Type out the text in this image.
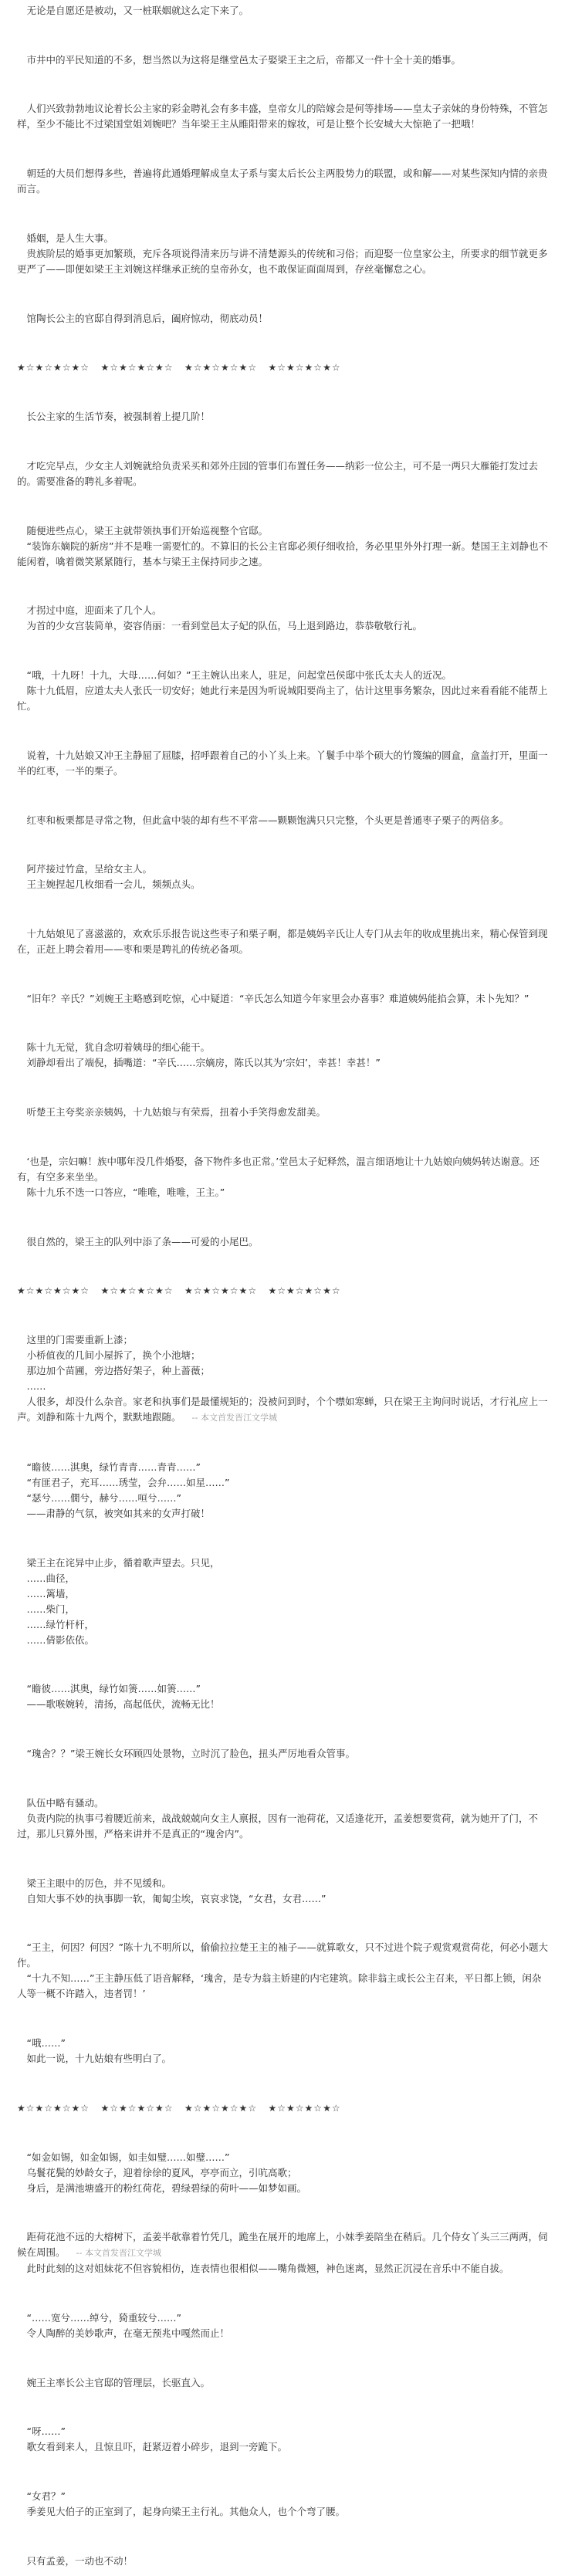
无论是自愿还是被动，又一桩联姻就这么定下来了。

市井中的平民知道的不多，想当然以为这将是继堂邑太子娶梁王主之后，帝都又一件十全十美的婚事。

人们兴致勃勃地议论着长公主家的彩金聘礼会有多丰盛，皇帝女儿的陪嫁会是何等排场——皇太子亲妹的身份特殊，不管怎样，至少不能比不过梁国堂姐刘婉吧？当年梁王主从睢阳带来的嫁妆，可是让整个长安城大大惊艳了一把哦！

朝廷的大员们想得多些，普遍将此通婚理解成皇太子系与窦太后长公主两股势力的联盟，或和解——对某些深知内情的亲贵而言。

婚姻，是人生大事。
贵族阶层的婚事更加繁琐，充斥各项说得清来历与讲不清楚源头的传统和习俗；而迎娶一位皇家公主，所要求的细节就更多更严了——即便如梁王主刘婉这样继承正统的皇帝孙女，也不敢保证面面周到，存丝毫懈怠之心。

馆陶长公主的官邸自得到消息后，阖府惊动，彻底动员！

★☆★☆★☆★☆   ★☆★☆★☆★☆   ★☆★☆★☆★☆   ★☆★☆★☆★☆

长公主家的生活节奏，被强制着上提几阶！

才吃完早点，少女主人刘婉就给负责采买和郊外庄园的管事们布置任务——纳彩一位公主，可不是一两只大雁能打发过去的。需要准备的聘礼多着呢。

随便进些点心，梁王主就带领执事们开始巡视整个官邸。
“装饰东嫡院的新房”并不是唯一需要忙的。不算旧的长公主官邸必须仔细收拾，务必里里外外打理一新。楚国王主刘静也不能闲着，噙着微笑紧紧随行，基本与梁王主保持同步之速。

才拐过中庭，迎面来了几个人。
为首的少女宫装简单，姿容俏丽：一看到堂邑太子妃的队伍，马上退到路边，恭恭敬敬行礼。

“哦，十九呀！十九，大母……何如？”王主婉认出来人，驻足，问起堂邑侯邸中张氏太夫人的近况。
陈十九低眉，应道太夫人张氏一切安好；她此行来是因为听说城阳要尚主了，估计这里事务繁杂，因此过来看看能不能帮上忙。

说着，十九姑娘又冲王主静屈了屈膝，招呼跟着自己的小丫头上来。丫鬟手中举个硕大的竹篾编的圆盒，盒盖打开，里面一半的红枣，一半的栗子。

红枣和板栗都是寻常之物，但此盒中装的却有些不平常——颗颗饱满只只完整，个头更是普通枣子栗子的两倍多。

阿芹接过竹盒，呈给女主人。
王主婉捏起几枚细看一会儿，频频点头。

十九姑娘见了喜滋滋的，欢欢乐乐报告说这些枣子和栗子啊，都是姨妈辛氏让人专门从去年的收成里挑出来，精心保管到现在，正赶上聘会着用——枣和栗是聘礼的传统必备项。

“旧年？辛氏？”刘婉王主略感到吃惊，心中疑道：“辛氏怎么知道今年家里会办喜事？难道姨妈能掐会算，未卜先知？”

陈十九无觉，犹自念叨着姨母的细心能干。
刘静却看出了端倪，插嘴道：“辛氏……宗嫡房，陈氏以其为‘宗妇’，幸甚！幸甚！”

听楚王主夸奖亲亲姨妈，十九姑娘与有荣焉，扭着小手笑得愈发甜美。

‘也是，宗妇嘛！族中哪年没几件婚娶，备下物件多也正常。’堂邑太子妃释然，温言细语地让十九姑娘向姨妈转达谢意。还有，有空多来坐坐。
陈十九乐不迭一口答应，“唯唯，唯唯，王主。”

很自然的，梁王主的队列中添了条——可爱的小尾巴。

★☆★☆★☆★☆   ★☆★☆★☆★☆   ★☆★☆★☆★☆   ★☆★☆★☆★☆

这里的门需要重新上漆；
小桥值夜的几间小屋拆了，换个小池塘；
那边加个苗圃，旁边搭好架子，种上蔷薇；
……
人很多，却没什么杂音。家老和执事们是最懂规矩的；没被问到时，个个噤如寒蝉，只在梁王主询问时说话，才行礼应上一声。刘静和陈十九两个，默默地跟随。 -- 本文首发晋江文学城

“瞻彼……淇奥，绿竹青青……青青……”
“有匪君子，充耳……琇莹，会弁……如星……”
“瑟兮……僩兮，赫兮……咺兮……”
——肃静的气氛，被突如其来的女声打破！

梁王主在诧异中止步，循着歌声望去。只见，
……曲径，
……篱墙，
……柴门，
……绿竹杆杆，
……倩影依依。

“瞻彼……淇奥，绿竹如箦……如箦……”
——歌喉婉转，清扬，高起低伏，流畅无比！

“瑰舍？？”梁王婉长女环顾四处景物，立时沉了脸色，扭头严厉地看众管事。

队伍中略有骚动。
负责内院的执事弓着腰近前来，战战兢兢向女主人禀报，因有一池荷花，又适逢花开，孟姜想要赏荷，就为她开了门，不过，那儿只算外围，严格来讲并不是真正的“瑰舍内”。

梁王主眼中的厉色，并不见缓和。
自知大事不妙的执事脚一软，匍匐尘埃，哀哀求饶，“女君，女君……”

“王主，何因？何因？”陈十九不明所以，偷偷拉拉楚王主的袖子——就算歌女，只不过进个院子观赏观赏荷花，何必小题大作。
“十九不知……”王主静压低了语音解释，‘瑰舍，是专为翁主娇建的内宅建筑。除非翁主或长公主召来，平日都上锁，闲杂人等一概不许踏入，违者罚！’

“哦……”
如此一说，十九姑娘有些明白了。

★☆★☆★☆★☆   ★☆★☆★☆★☆   ★☆★☆★☆★☆   ★☆★☆★☆★☆

“如金如锡，如金如锡，如圭如璧……如璧……”
乌鬟花鬓的妙龄女子，迎着徐徐的夏风，亭亭而立，引吭高歌；
身后，是满池塘盛开的粉红荷花，碧绿碧绿的荷叶——如梦如画。

距荷花池不远的大榕树下，孟姜半欹靠着竹凭几，跪坐在展开的地席上，小妹季姜陪坐在稍后。几个侍女丫头三三两两，伺候在周围。 -- 本文首发晋江文学城
此时此刻的这对姐妹花不但容貌相仿，连表情也很相似——嘴角微翘，神色迷离，显然正沉浸在音乐中不能自拔。

“……宽兮……绰兮，猗重较兮……”
令人陶醉的美妙歌声，在毫无预兆中嘎然而止！

婉王主率长公主官邸的管理层，长驱直入。

“呀……”
歌女看到来人，且惊且吓，赶紧迈着小碎步，退到一旁跪下。

“女君？”
季姜见大伯子的正室到了，起身向梁王主行礼。其他众人，也个个弯了腰。

只有孟姜，一动也不动！
